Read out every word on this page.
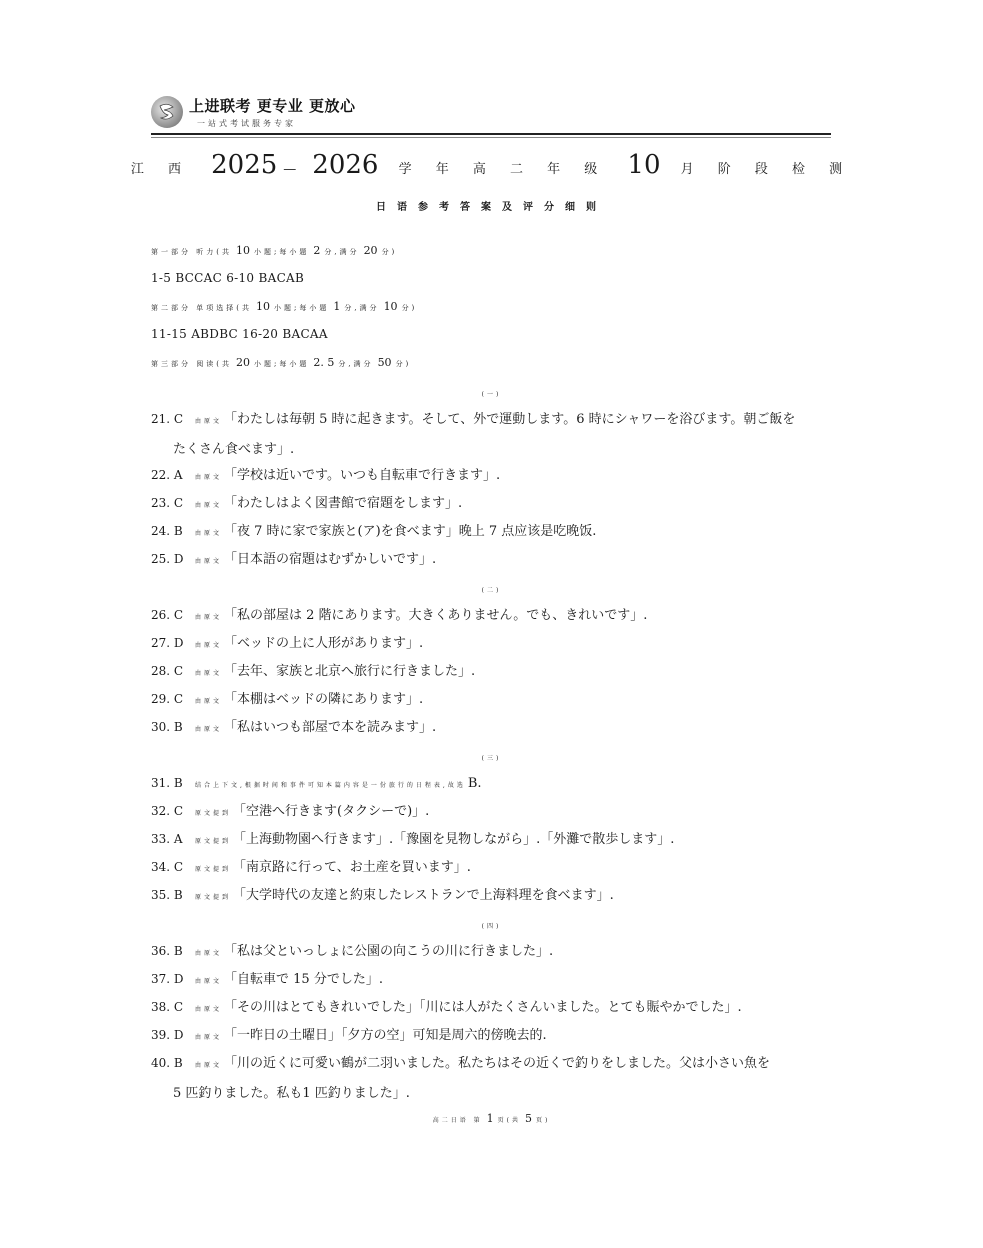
上进联考 更专业 更放心
一站式考试服务专家
江 西 2025 — 2026 学 年 高 二 年 级 10 月 阶 段 检 测
日语参考答案及评分细则
第一部分 听力(共 10 小题;每小题 2 分,满分 20 分)
1-5 BCCAC 6-10 BACAB
第二部分 单项选择(共 10 小题;每小题 1 分,满分 10 分)
11-15 ABDBC 16-20 BACAA
第三部分 阅读(共 20 小题;每小题 2. 5 分,满分 50 分)
(一)
21. C 由原文 「わたしは毎朝 5 時に起きます。そして、外で運動します。6 時にシャワーを浴びます。朝ご飯を
たくさん食べます」.
22. A 由原文 「学校は近いです。いつも自転車で行きます」.
23. C 由原文 「わたしはよく図書館で宿題をします」.
24. B 由原文 「夜 7 時に家で家族と(ア)を食べます」晚上 7 点应该是吃晚饭.
25. D 由原文 「日本語の宿題はむずかしいです」.
(二)
26. C 由原文 「私の部屋は 2 階にあります。大きくありません。でも、きれいです」.
27. D 由原文 「ベッドの上に人形があります」.
28. C 由原文 「去年、家族と北京へ旅行に行きました」.
29. C 由原文 「本棚はベッドの隣にあります」.
30. B 由原文 「私はいつも部屋で本を読みます」.
(三)
31. B 结合上下文,根据时间和事件可知本篇内容是一份旅行的日程表,故选 B.
32. C 原文提到 「空港へ行きます(タクシーで)」.
33. A 原文提到 「上海動物園へ行きます」.「豫園を見物しながら」.「外灘で散歩します」.
34. C 原文提到 「南京路に行って、お土産を買います」.
35. B 原文提到 「大学時代の友達と約束したレストランで上海料理を食べます」.
(四)
36. B 由原文 「私は父といっしょに公園の向こうの川に行きました」.
37. D 由原文 「自転車で 15 分でした」.
38. C 由原文 「その川はとてもきれいでした」「川には人がたくさんいました。とても賑やかでした」.
39. D 由原文 「一昨日の土曜日」「夕方の空」可知是周六的傍晚去的.
40. B 由原文 「川の近くに可愛い鶴が二羽いました。私たちはその近くで釣りをしました。父は小さい魚を
5 匹釣りました。私も1 匹釣りました」.
高二日语 第 1 页(共 5 页)
